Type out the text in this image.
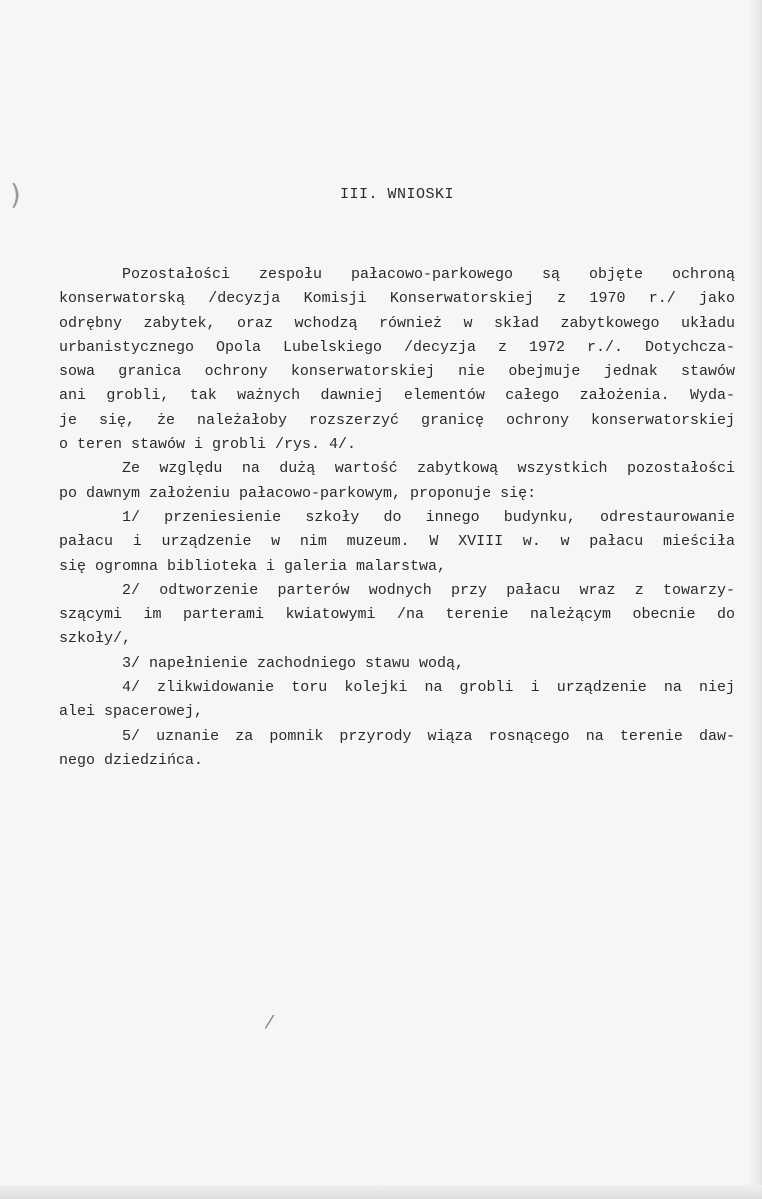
III. WNIOSKI
Pozostałości zespołu pałacowo-parkowego są objęte ochroną
konserwatorską /decyzja Komisji Konserwatorskiej z 1970 r./ jako
odrębny zabytek, oraz wchodzą również w skład zabytkowego układu
urbanistycznego Opola Lubelskiego /decyzja z 1972 r./. Dotychcza-
sowa granica ochrony konserwatorskiej nie obejmuje jednak stawów
ani grobli, tak ważnych dawniej elementów całego założenia. Wyda-
je się, że należałoby rozszerzyć granicę ochrony konserwatorskiej
o teren stawów i grobli /rys. 4/.
Ze względu na dużą wartość zabytkową wszystkich pozostałości
po dawnym założeniu pałacowo-parkowym, proponuje się:
1/ przeniesienie szkoły do innego budynku, odrestaurowanie
pałacu i urządzenie w nim muzeum. W XVIII w. w pałacu mieściła
się ogromna biblioteka i galeria malarstwa,
2/ odtworzenie parterów wodnych przy pałacu wraz z towarzy-
szącymi im parterami kwiatowymi /na terenie należącym obecnie do
szkoły/,
3/ napełnienie zachodniego stawu wodą,
4/ zlikwidowanie toru kolejki na grobli i urządzenie na niej
alei spacerowej,
5/ uznanie za pomnik przyrody wiąza rosnącego na terenie daw-
nego dziedzińca.
)
⁄
